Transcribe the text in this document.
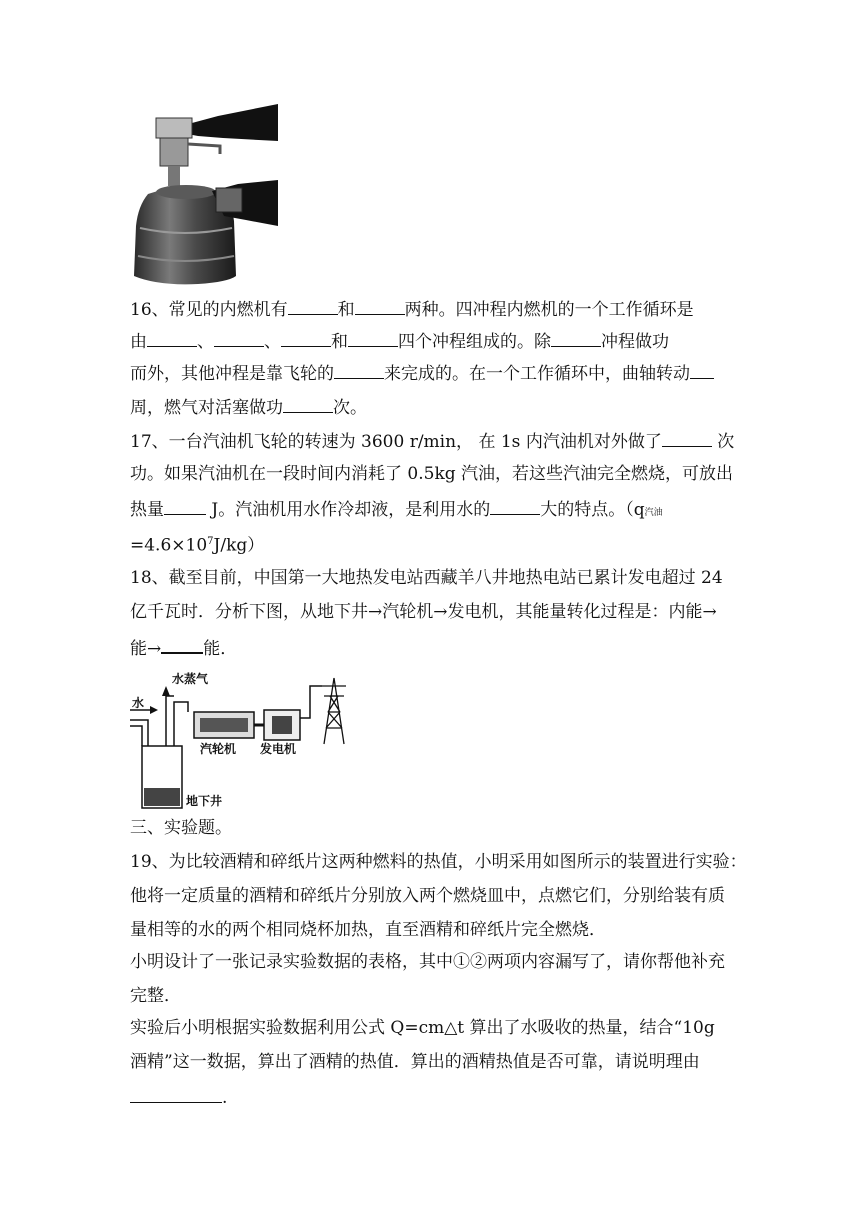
16、常见的内燃机有	和	两种。四冲程内燃机的一个工作循环是
由	、	、	和	四个冲程组成的。除	冲程做功
而外，其他冲程是靠飞轮的	来完成的。在一个工作循环中，曲轴转动
周，燃气对活塞做功	次。
17、一台汽油机飞轮的转速为 3600 r/min， 在 1s 内汽油机对外做了	次
功。如果汽油机在一段时间内消耗了 0.5kg 汽油，若这些汽油完全燃烧，可放出
热量 J。汽油机用水作冷却液，是利用水的	大的特点。（q汽油
$=4.6\times 10^7J/kg$）
18、截至目前，中国第一大地热发电站西藏羊八井地热电站已累计发电超过 24
亿千瓦时．分析下图，从地下井→汽轮机→发电机，其能量转化过程是：内能→
能→ 能．
水蒸气
水
汽轮机 发电机
地下井
三、实验题。
19、为比较酒精和碎纸片这两种燃料的热值，小明采用如图所示的装置进行实验：
他将一定质量的酒精和碎纸片分别放入两个燃烧皿中，点燃它们，分别给装有质
量相等的水的两个相同烧杯加热，直至酒精和碎纸片完全燃烧．
小明设计了一张记录实验数据的表格，其中①②两项内容漏写了，请你帮他补充
完整．
实验后小明根据实验数据利用公式 Q=cm△t 算出了水吸收的热量，结合“10g
酒精”这一数据，算出了酒精的热值．算出的酒精热值是否可靠，请说明理由
.
